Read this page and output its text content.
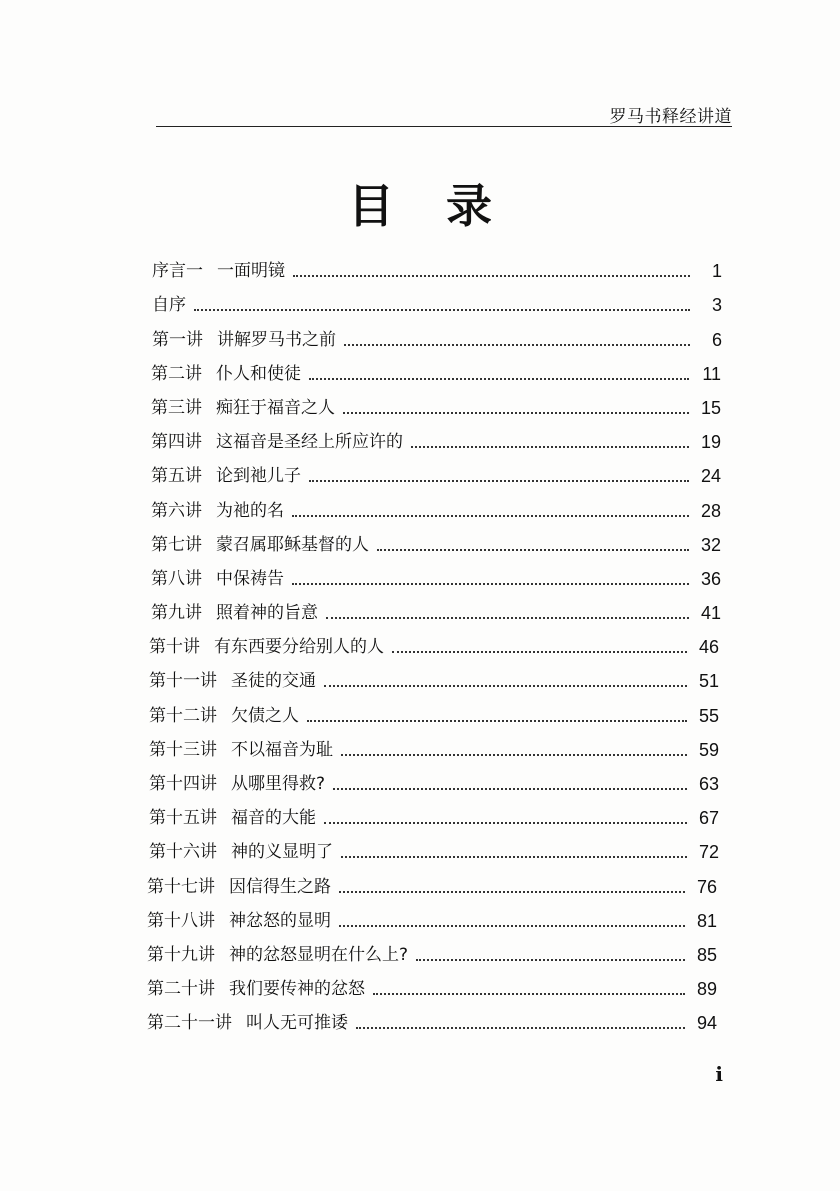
罗马书释经讲道
目 录
序言一 一面明镜	1
自序	3
第一讲 讲解罗马书之前	6
第二讲 仆人和使徒	11
第三讲 痴狂于福音之人	15
第四讲 这福音是圣经上所应许的	19
第五讲 论到祂儿子	24
第六讲 为祂的名	28
第七讲 蒙召属耶稣基督的人	32
第八讲 中保祷告	36
第九讲 照着神的旨意	41
第十讲 有东西要分给别人的人	46
第十一讲 圣徒的交通	51
第十二讲 欠债之人	55
第十三讲 不以福音为耻	59
第十四讲 从哪里得救?	63
第十五讲 福音的大能	67
第十六讲 神的义显明了	72
第十七讲 因信得生之路	76
第十八讲 神忿怒的显明	81
第十九讲 神的忿怒显明在什么上?	85
第二十讲 我们要传神的忿怒	89
第二十一讲 叫人无可推诿	94
i
